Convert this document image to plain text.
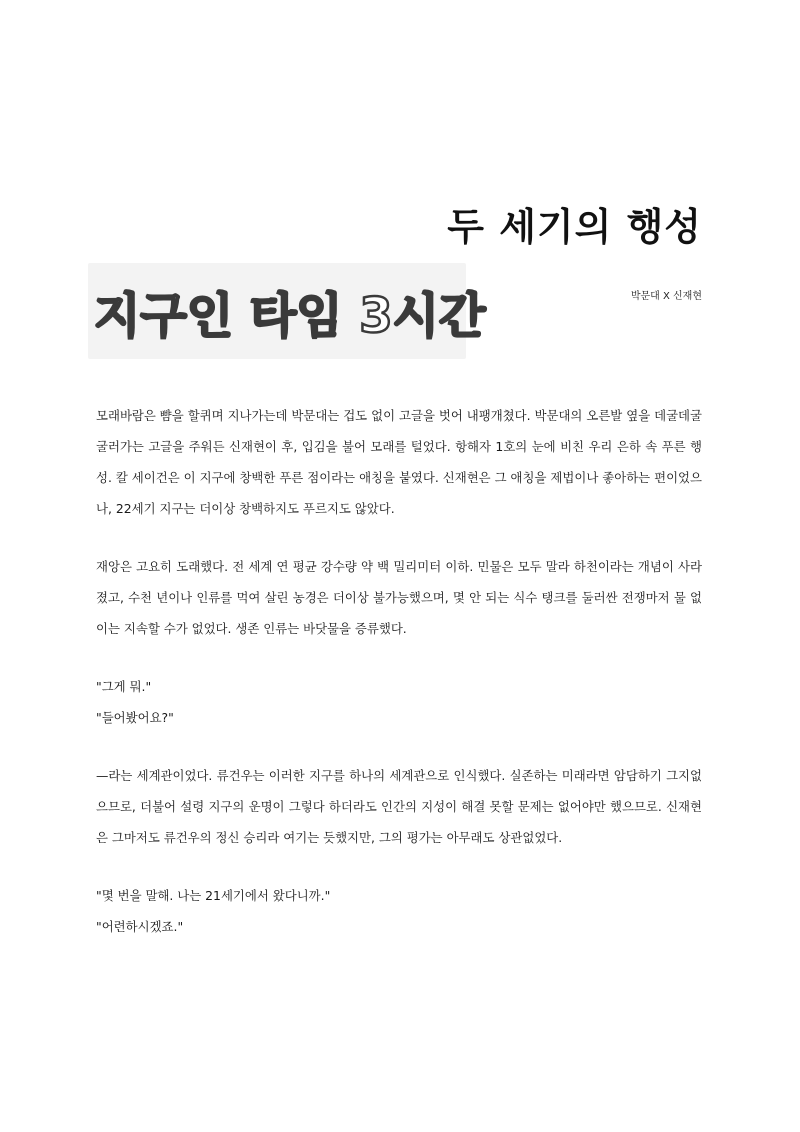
두 세기의 행성
지구인 타임 3시간	박문대 X 신재현

모래바람은 뺨을 할퀴며 지나가는데 박문대는 겁도 없이 고글을 벗어 내팽개쳤다. 박문대의 오른발 옆을 데굴데굴 굴러가는 고글을 주워든 신재현이 후, 입김을 불어 모래를 털었다. 항해자 1호의 눈에 비친 우리 은하 속 푸른 행성. 칼 세이건은 이 지구에 창백한 푸른 점이라는 애칭을 붙였다. 신재현은 그 애칭을 제법이나 좋아하는 편이었으나, 22세기 지구는 더이상 창백하지도 푸르지도 않았다.

재앙은 고요히 도래했다. 전 세계 연 평균 강수량 약 백 밀리미터 이하. 민물은 모두 말라 하천이라는 개념이 사라졌고, 수천 년이나 인류를 먹여 살린 농경은 더이상 불가능했으며, 몇 안 되는 식수 탱크를 둘러싼 전쟁마저 물 없이는 지속할 수가 없었다. 생존 인류는 바닷물을 증류했다.

"그게 뭐."

"들어봤어요?"

—라는 세계관이었다. 류건우는 이러한 지구를 하나의 세계관으로 인식했다. 실존하는 미래라면 암담하기 그지없으므로, 더불어 설령 지구의 운명이 그렇다 하더라도 인간의 지성이 해결 못할 문제는 없어야만 했으므로. 신재현은 그마저도 류건우의 정신 승리라 여기는 듯했지만, 그의 평가는 아무래도 상관없었다.

"몇 번을 말해. 나는 21세기에서 왔다니까."

"어련하시겠죠."
